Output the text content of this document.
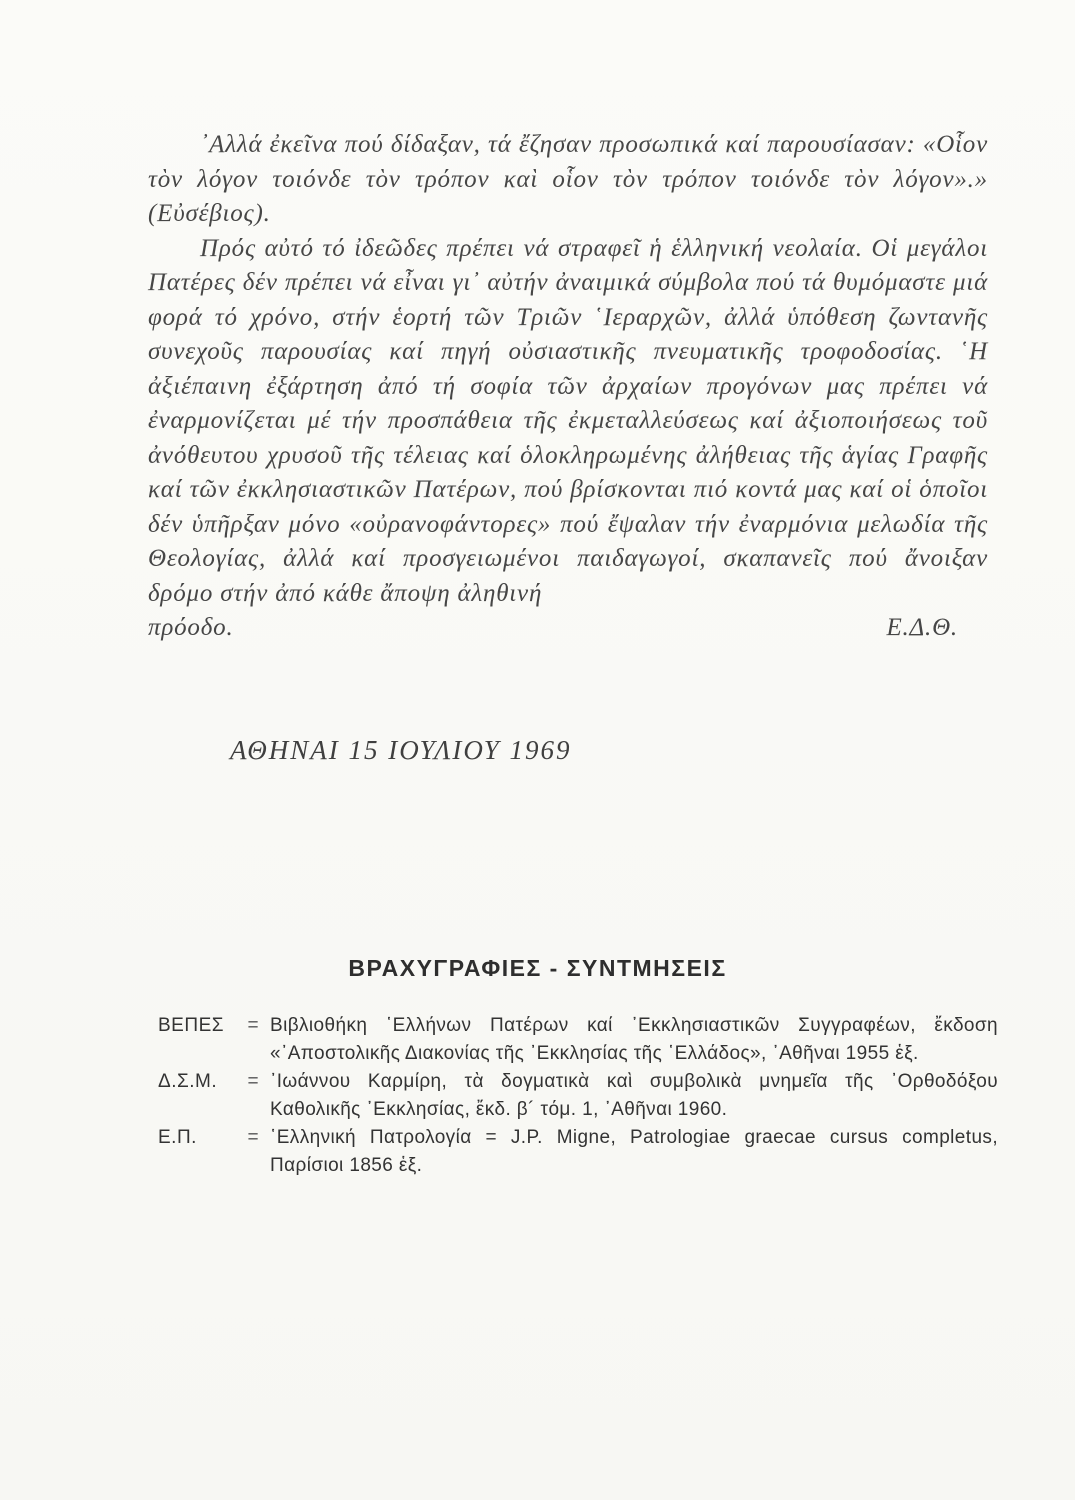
᾿Αλλά ἐκεῖνα πού δίδαξαν, τά ἔζησαν προσωπικά καί παρουσίασαν: «Οἷον τὸν λόγον τοιόνδε τὸν τρόπον καὶ οἷον τὸν τρόπον τοιόνδε τὸν λόγον».» (Εὐσέβιος).

Πρός αὐτό τό ἰδεῶδες πρέπει νά στραφεῖ ἡ ἑλληνική νεολαία. Οἱ μεγάλοι Πατέρες δέν πρέπει νά εἶναι γι᾿ αὐτήν ἀναιμικά σύμβολα πού τά θυμόμαστε μιά φορά τό χρόνο, στήν ἑορτή τῶν Τριῶν ῾Ιεραρχῶν, ἀλλά ὑπόθεση ζωντανῆς συνεχοῦς παρουσίας καί πηγή οὐσιαστικῆς πνευματικῆς τροφοδοσίας. ῾Η ἀξιέπαινη ἐξάρτηση ἀπό τή σοφία τῶν ἀρχαίων προγόνων μας πρέπει νά ἐναρμονίζεται μέ τήν προσπάθεια τῆς ἐκμεταλλεύσεως καί ἀξιοποιήσεως τοῦ ἀνόθευτου χρυσοῦ τῆς τέλειας καί ὁλοκληρωμένης ἀλήθειας τῆς ἁγίας Γραφῆς καί τῶν ἐκκλησιαστικῶν Πατέρων, πού βρίσκονται πιό κοντά μας καί οἱ ὁποῖοι δέν ὑπῆρξαν μόνο «οὐρανοφάντορες» πού ἔψαλαν τήν ἐναρμόνια μελωδία τῆς Θεολογίας, ἀλλά καί προσγειωμένοι παιδαγωγοί, σκαπανεῖς πού ἄνοιξαν δρόμο στήν ἀπό κάθε ἄποψη ἀληθινή

πρόοδο.	Ε.Δ.Θ.
ΑΘΗΝΑΙ 15 ΙΟΥΛΙΟΥ 1969
ΒΡΑΧΥΓΡΑΦΙΕΣ - ΣΥΝΤΜΗΣΕΙΣ
ΒΕΠΕΣ	= Βιβλιοθήκη ῾Ελλήνων Πατέρων καί ᾿Εκκλησιαστικῶν Συγγραφέων, ἔκδοση «᾿Αποστολικῆς Διακονίας τῆς ᾿Εκκλησίας τῆς ῾Ελλάδος», ᾿Αθῆναι 1955 ἑξ.
Δ.Σ.Μ.	= ᾿Ιωάννου Καρμίρη, τὰ δογματικὰ καὶ συμβολικὰ μνημεῖα τῆς ᾿Ορθοδόξου Καθολικῆς ᾿Εκκλησίας, ἔκδ. β´ τόμ. 1, ᾿Αθῆναι 1960.
Ε.Π.	= ῾Ελληνική Πατρολογία = J.P. Migne, Patrologiae graecae cursus completus, Παρίσιοι 1856 ἑξ.
